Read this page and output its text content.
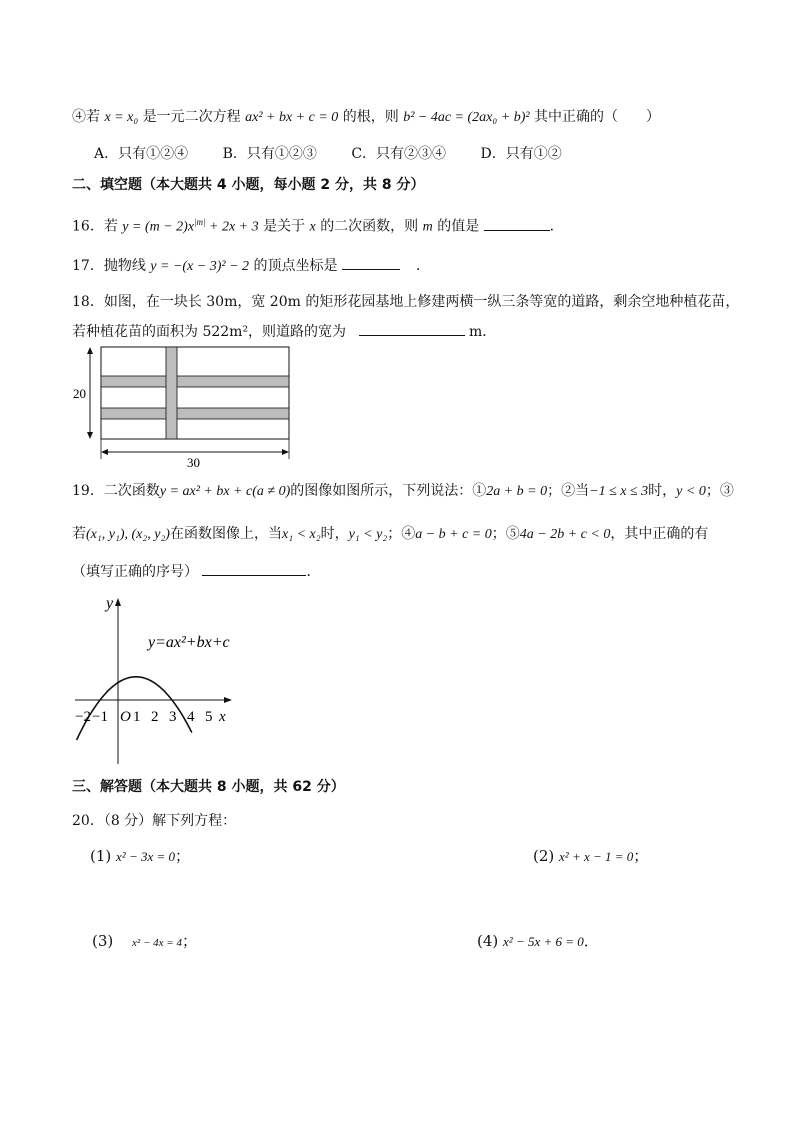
④若 x = x₀ 是一元二次方程 ax² + bx + c = 0 的根，则 b² − 4ac = (2ax₀ + b)² 其中正确的（　　）
A．只有①②④ B．只有①②③ C．只有②③④ D．只有①②
二、填空题（本大题共 4 小题，每小题 2 分，共 8 分）
16．若 $y = (m - 2)x^{|m|} + 2x + 3$ 是关于 x 的二次函数，则 m 的值是	．
17．抛物线 y = −(x − 3)² − 2 的顶点坐标是	．
18．如图，在一块长 30m，宽 20m 的矩形花园基地上修建两横一纵三条等宽的道路，剩余空地种植花苗，
若种植花苗的面积为 522m²，则道路的宽为	m．
20
30
19．二次函数y = ax² + bx + c(a ≠ 0)的图像如图所示，下列说法：①2a + b = 0；②当−1 ≤ x ≤ 3时，y < 0；③
若(x₁, y₁), (x₂, y₂)在函数图像上，当x₁ < x₂时，y₁ < y₂；④a − b + c = 0；⑤4a − 2b + c < 0，其中正确的有
（填写正确的序号）	．
y
y=ax²+bx+c
−2 −1 O 1 2 3 4 5 x
三、解答题（本大题共 8 小题，共 62 分）
20．（8 分）解下列方程：
(1) x² − 3x = 0；	(2) x² + x − 1 = 0；
(3) x² − 4x = 4；	(4) x² − 5x + 6 = 0．
